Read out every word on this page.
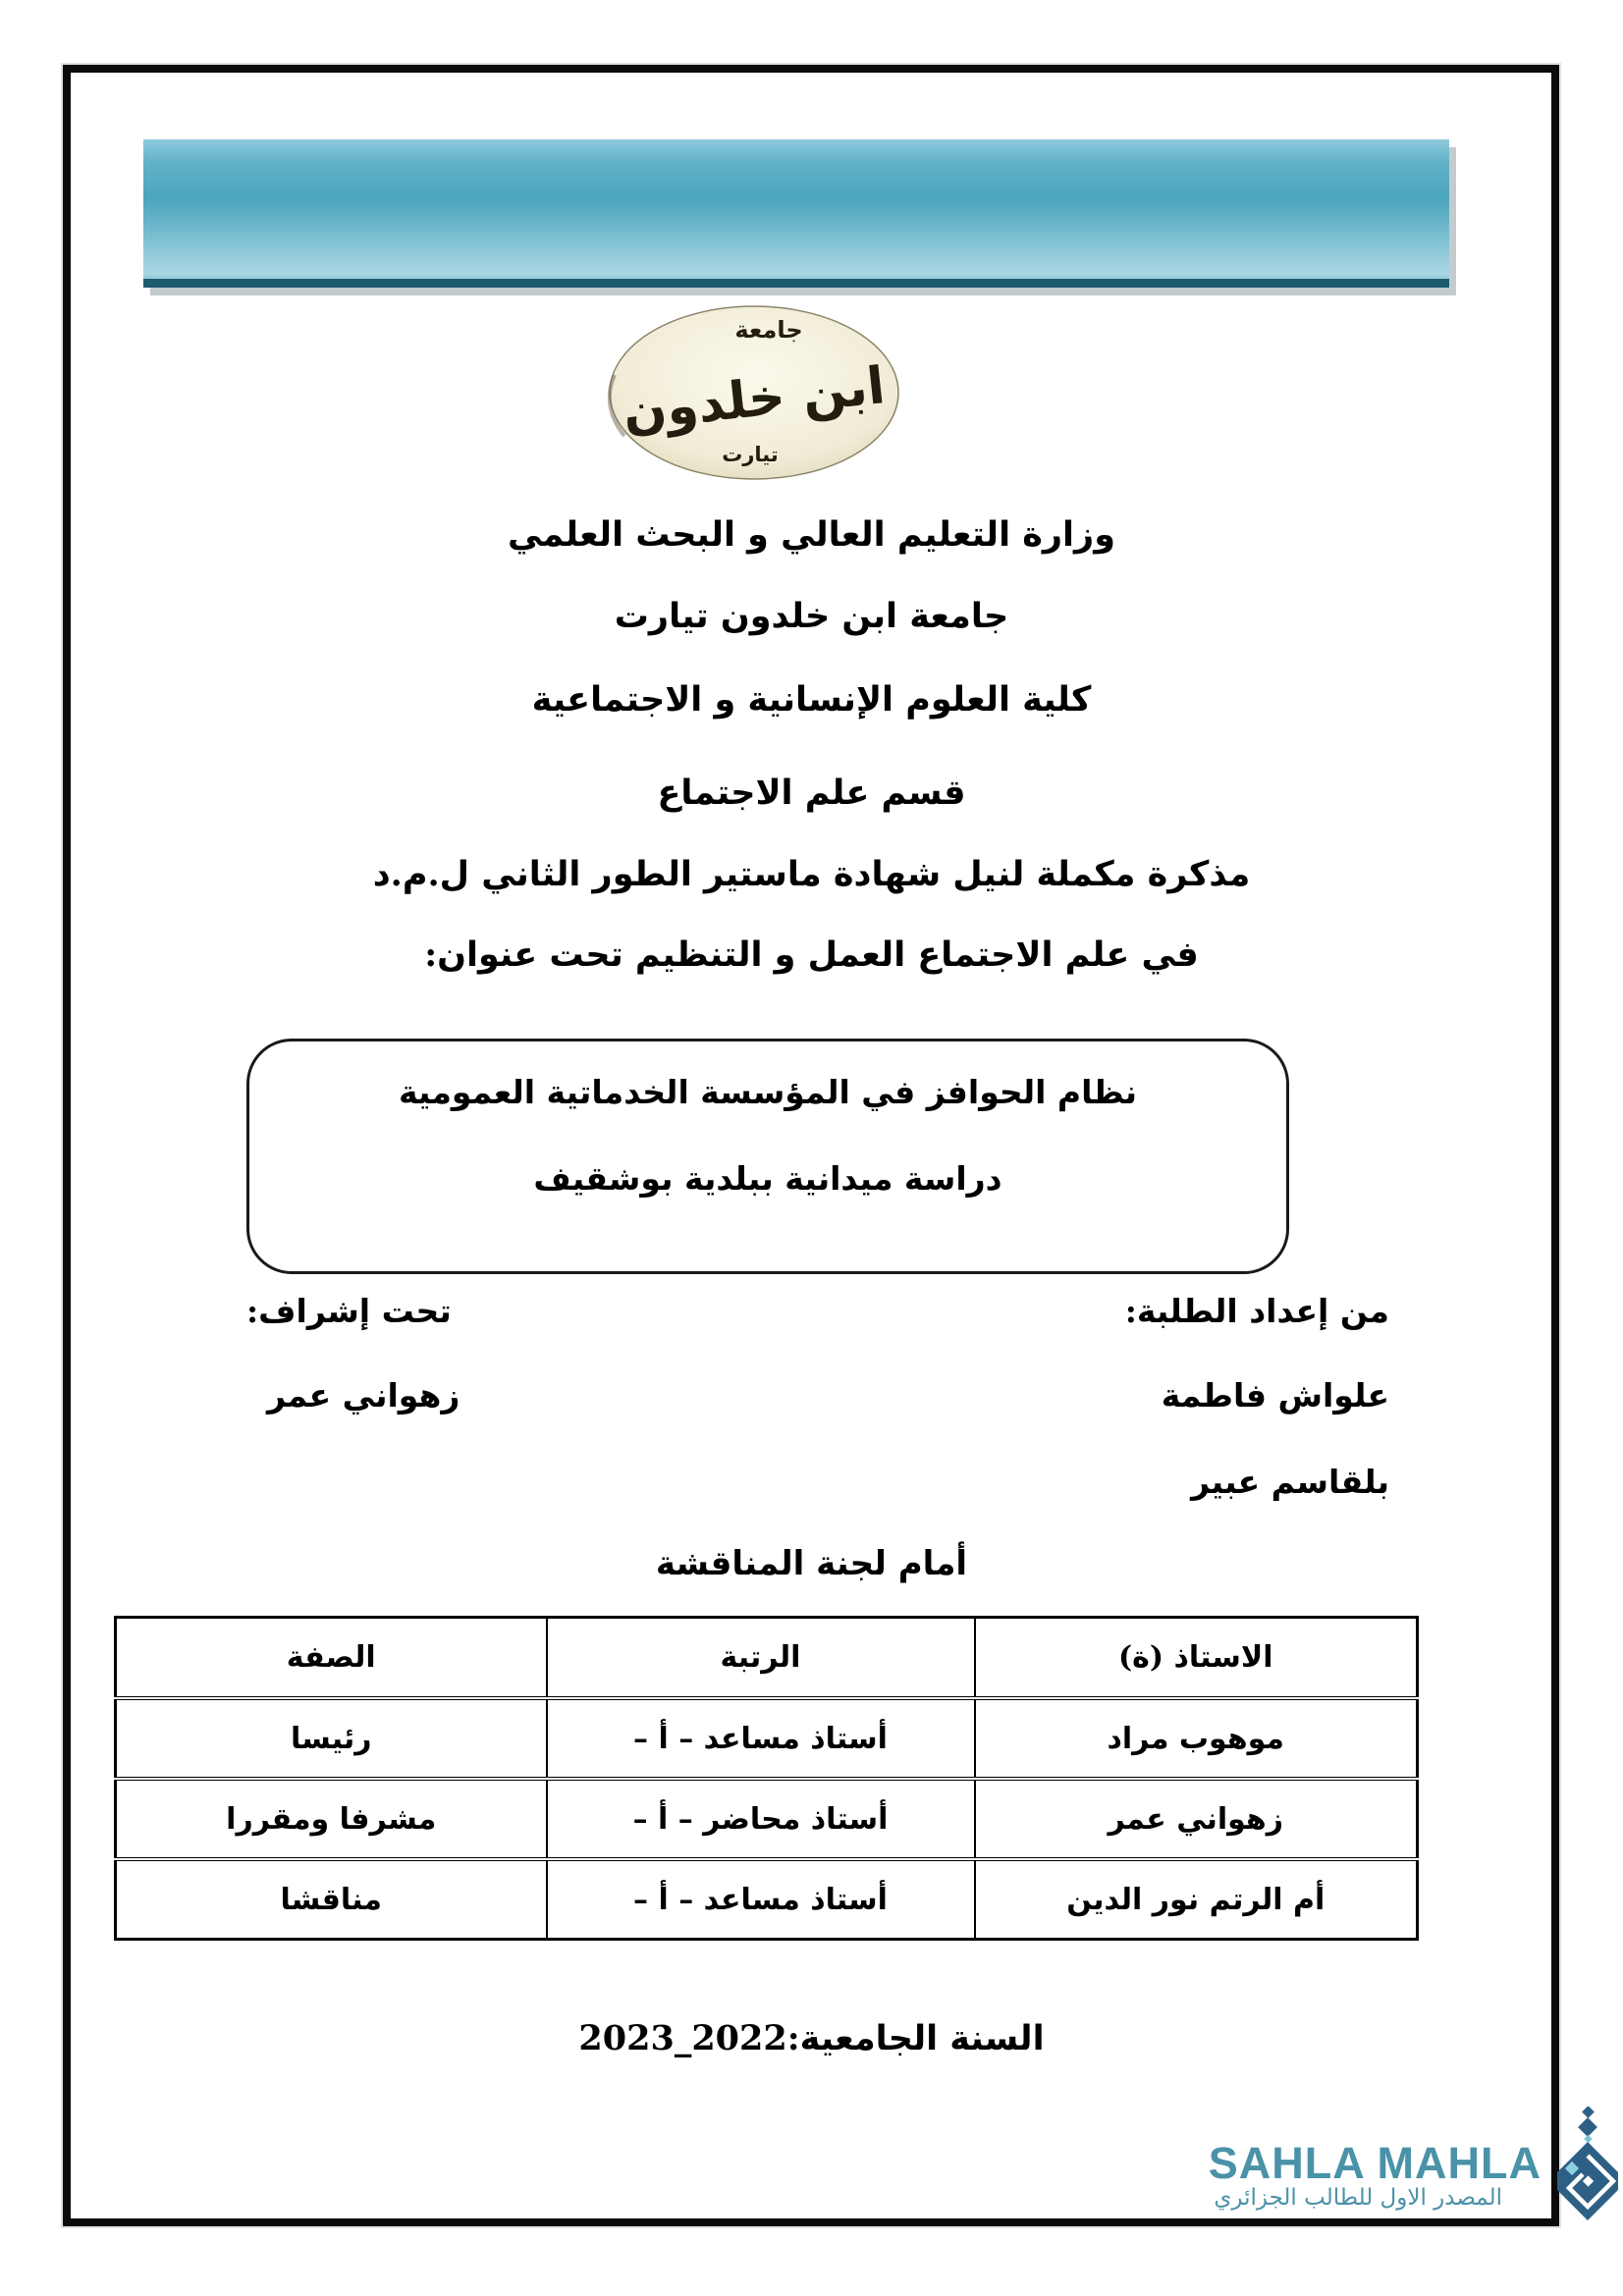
جامعة
ابن خلدون
تيارت
وزارة التعليم العالي و البحث العلمي
جامعة ابن خلدون تيارت
كلية العلوم الإنسانية و الاجتماعية
قسم علم الاجتماع
مذكرة مكملة لنيل شهادة ماستير الطور الثاني ل.م.د
في علم الاجتماع العمل و التنظيم تحت عنوان:
نظام الحوافز في المؤسسة الخدماتية العمومية
دراسة ميدانية ببلدية بوشقيف
من إعداد الطلبة:
تحت إشراف:
علواش فاطمة
زهواني عمر
بلقاسم عبير
أمام لجنة المناقشة
الاستاذ (ة)	الرتبة	الصفة
موهوب مراد	أستاذ مساعد – أ –	رئيسا
زهواني عمر	أستاذ محاضر – أ –	مشرفا ومقررا
أم الرتم نور الدين	أستاذ مساعد – أ –	مناقشا
السنة الجامعية:2022_2023
SAHLA MAHLA
المصدر الاول للطالب الجزائري
